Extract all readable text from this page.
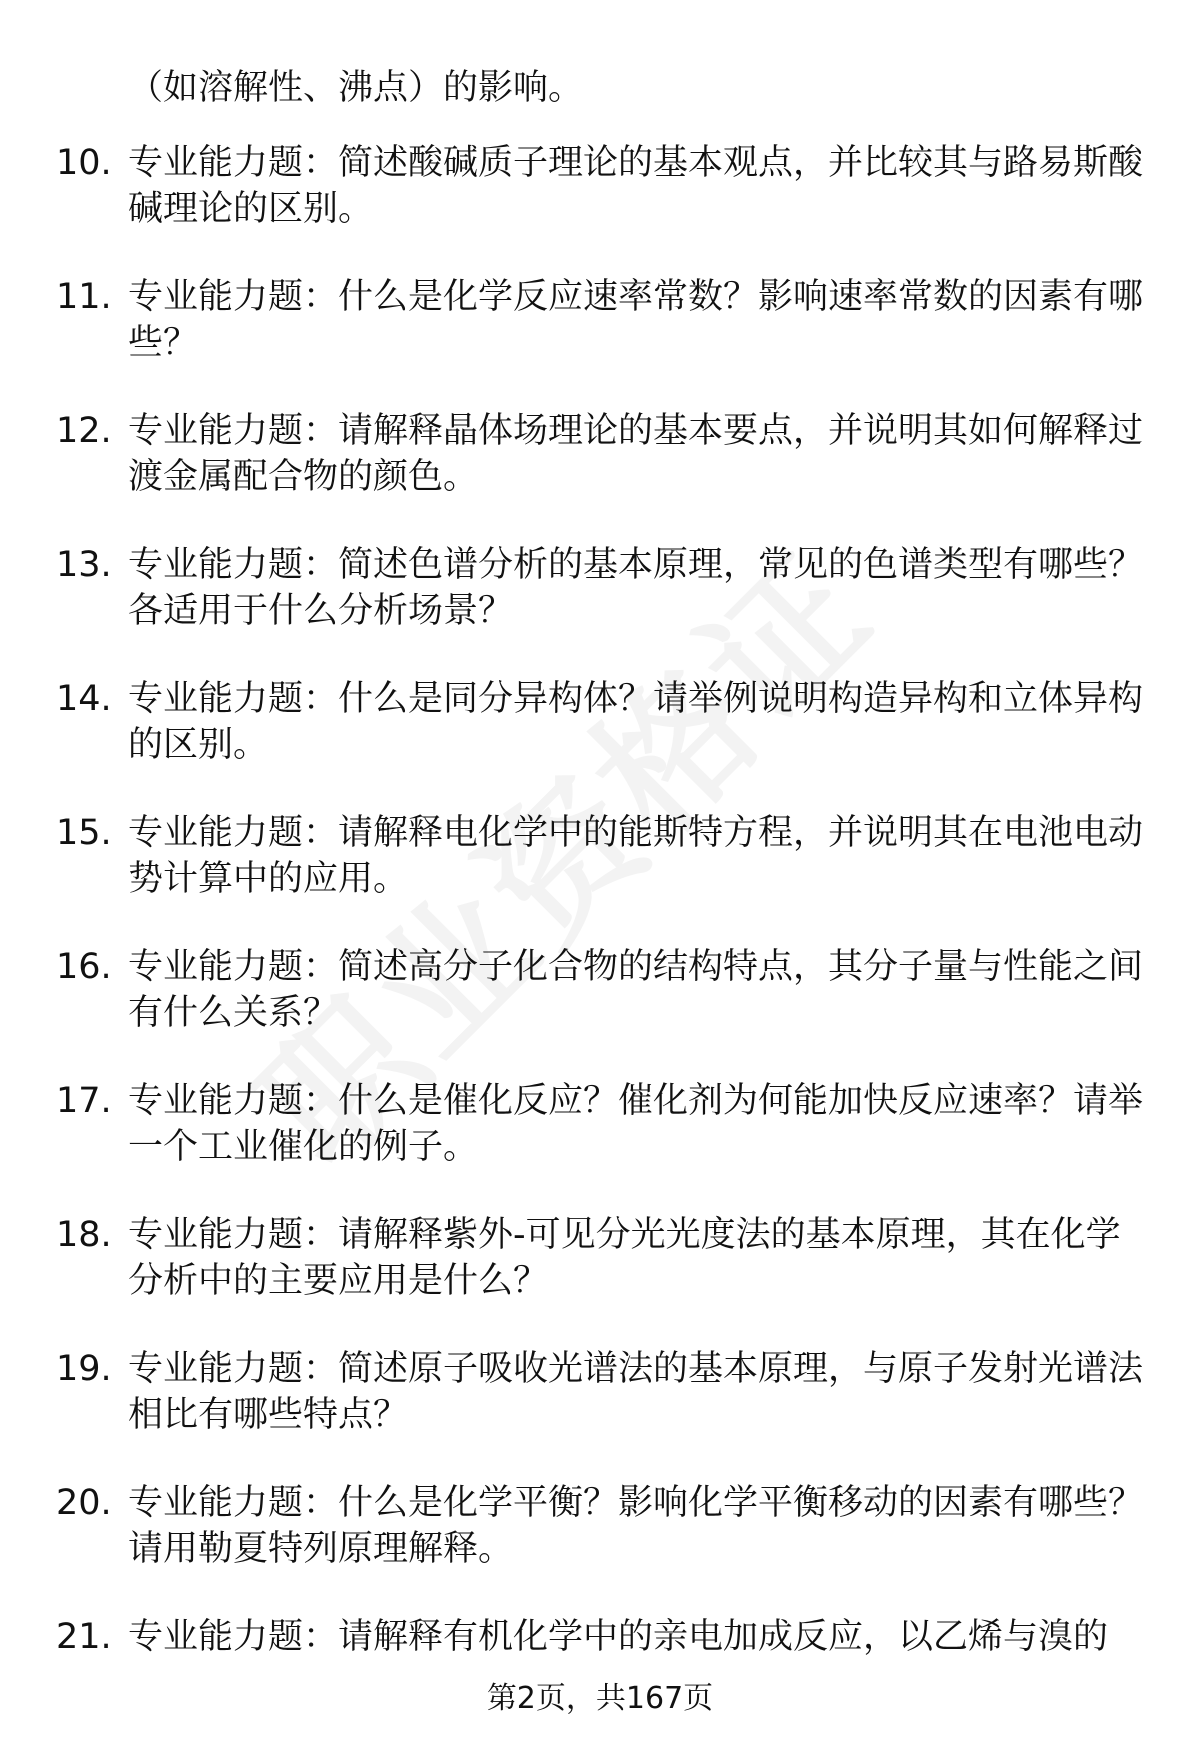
（如溶解性、沸点）的影响。
10. 专业能力题：简述酸碱质子理论的基本观点，并比较其与路易斯酸碱理论的区别。
11. 专业能力题：什么是化学反应速率常数？影响速率常数的因素有哪些？
12. 专业能力题：请解释晶体场理论的基本要点，并说明其如何解释过渡金属配合物的颜色。
13. 专业能力题：简述色谱分析的基本原理，常见的色谱类型有哪些？各适用于什么分析场景？
14. 专业能力题：什么是同分异构体？请举例说明构造异构和立体异构的区别。
15. 专业能力题：请解释电化学中的能斯特方程，并说明其在电池电动势计算中的应用。
16. 专业能力题：简述高分子化合物的结构特点，其分子量与性能之间有什么关系？
17. 专业能力题：什么是催化反应？催化剂为何能加快反应速率？请举一个工业催化的例子。
18. 专业能力题：请解释紫外-可见分光光度法的基本原理，其在化学分析中的主要应用是什么？
19. 专业能力题：简述原子吸收光谱法的基本原理，与原子发射光谱法相比有哪些特点？
20. 专业能力题：什么是化学平衡？影响化学平衡移动的因素有哪些？请用勒夏特列原理解释。
21. 专业能力题：请解释有机化学中的亲电加成反应，以乙烯与溴的
第2页，共167页
